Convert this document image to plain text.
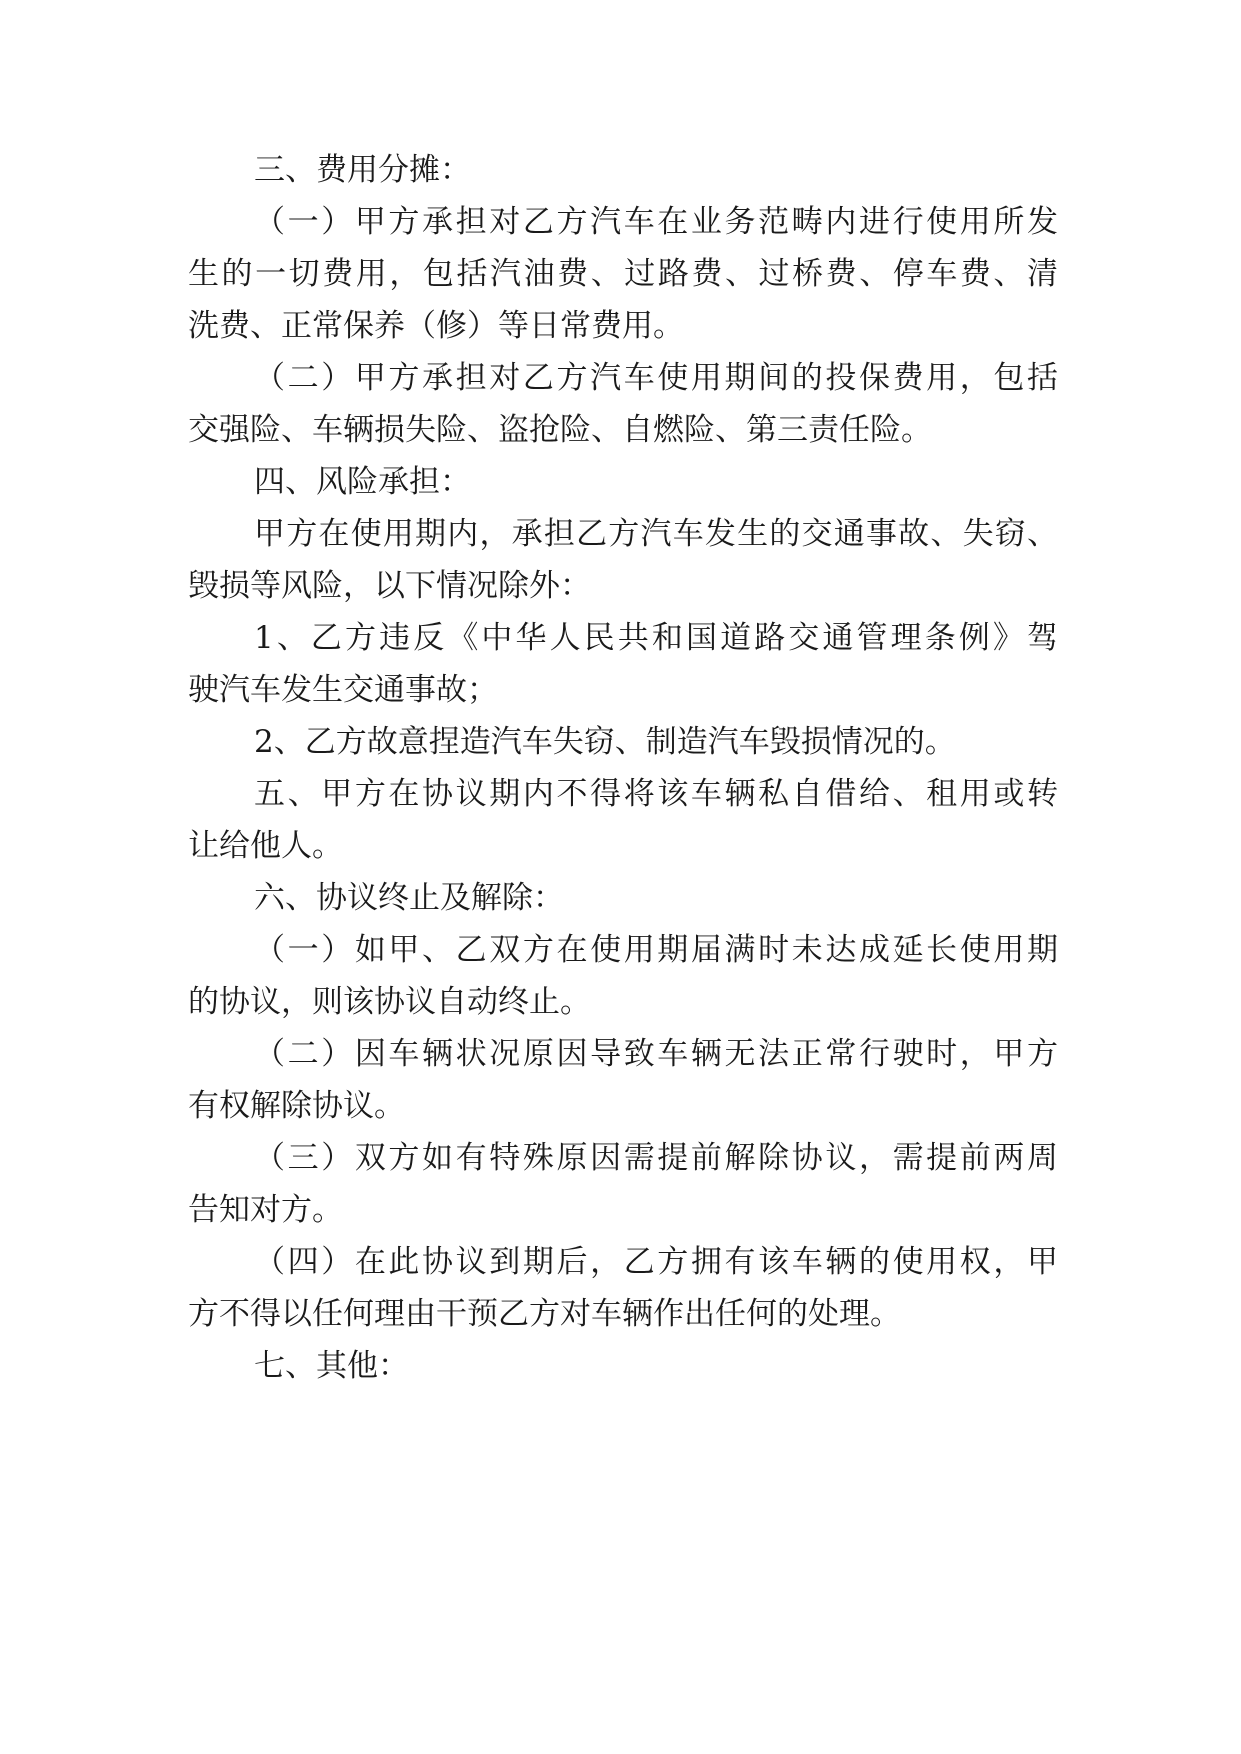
三、费用分摊：
（一）甲方承担对乙方汽车在业务范畴内进行使用所发
生的一切费用，包括汽油费、过路费、过桥费、停车费、清
洗费、正常保养（修）等日常费用。
（二）甲方承担对乙方汽车使用期间的投保费用，包括
交强险、车辆损失险、盗抢险、自燃险、第三责任险。
四、风险承担：
甲方在使用期内，承担乙方汽车发生的交通事故、失窃、
毁损等风险，以下情况除外：
1、乙方违反《中华人民共和国道路交通管理条例》驾
驶汽车发生交通事故；
2、乙方故意捏造汽车失窃、制造汽车毁损情况的。
五、甲方在协议期内不得将该车辆私自借给、租用或转
让给他人。
六、协议终止及解除：
（一）如甲、乙双方在使用期届满时未达成延长使用期
的协议，则该协议自动终止。
（二）因车辆状况原因导致车辆无法正常行驶时，甲方
有权解除协议。
（三）双方如有特殊原因需提前解除协议，需提前两周
告知对方。
（四）在此协议到期后，乙方拥有该车辆的使用权，甲
方不得以任何理由干预乙方对车辆作出任何的处理。
七、其他：
